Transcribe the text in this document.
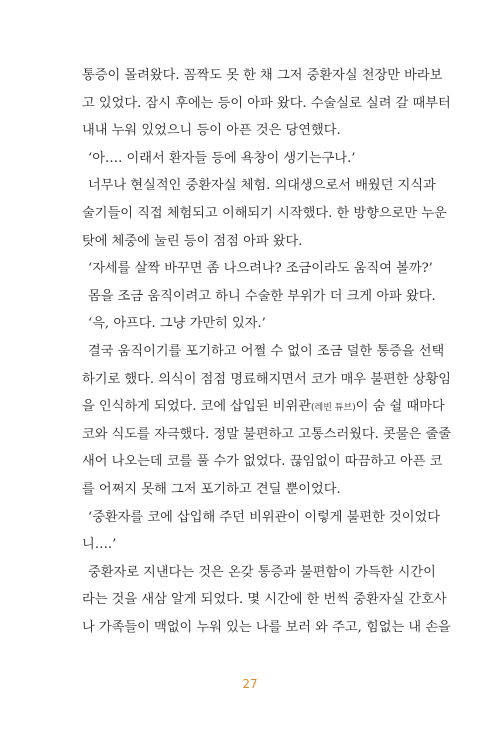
통증이 몰려왔다. 꼼짝도 못 한 채 그저 중환자실 천장만 바라보
고 있었다. 잠시 후에는 등이 아파 왔다. 수술실로 실려 갈 때부터
내내 누워 있었으니 등이 아픈 것은 당연했다.
‘아…. 이래서 환자들 등에 욕창이 생기는구나.’
너무나 현실적인 중환자실 체험. 의대생으로서 배웠던 지식과
술기들이 직접 체험되고 이해되기 시작했다. 한 방향으로만 누운
탓에 체중에 눌린 등이 점점 아파 왔다.
‘자세를 살짝 바꾸면 좀 나으려나? 조금이라도 움직여 볼까?’
몸을 조금 움직이려고 하니 수술한 부위가 더 크게 아파 왔다.
‘윽, 아프다. 그냥 가만히 있자.’
결국 움직이기를 포기하고 어쩔 수 없이 조금 덜한 통증을 선택
하기로 했다. 의식이 점점 명료해지면서 코가 매우 불편한 상황임
을 인식하게 되었다. 코에 삽입된 비위관(레빈 튜브)이 숨 쉴 때마다
코와 식도를 자극했다. 정말 불편하고 고통스러웠다. 콧물은 줄줄
새어 나오는데 코를 풀 수가 없었다. 끊임없이 따끔하고 아픈 코
를 어쩌지 못해 그저 포기하고 견딜 뿐이었다.
‘중환자를 코에 삽입해 주던 비위관이 이렇게 불편한 것이었다
니….’
중환자로 지낸다는 것은 온갖 통증과 불편함이 가득한 시간이
라는 것을 새삼 알게 되었다. 몇 시간에 한 번씩 중환자실 간호사
나 가족들이 맥없이 누워 있는 나를 보러 와 주고, 힘없는 내 손을
27
